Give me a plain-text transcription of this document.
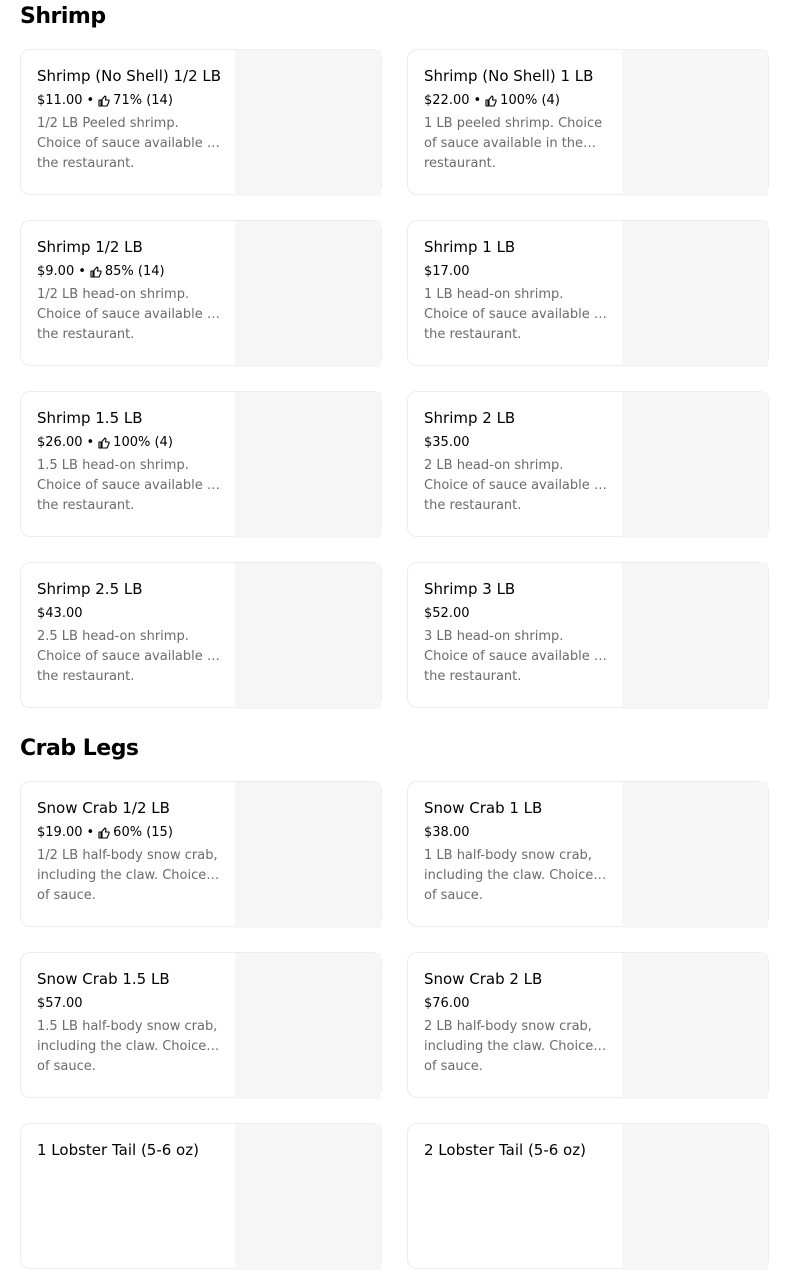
Shrimp
Shrimp (No Shell) 1/2 LB
$11.00 • 71% (14)
1/2 LB Peeled shrimp. Choice of sauce available in the restaurant.
Shrimp (No Shell) 1 LB
$22.00 • 100% (4)
1 LB peeled shrimp. Choice of sauce available in the restaurant.
Shrimp 1/2 LB
$9.00 • 85% (14)
1/2 LB head-on shrimp. Choice of sauce available in the restaurant.
Shrimp 1 LB
$17.00
1 LB head-on shrimp. Choice of sauce available in the restaurant.
Shrimp 1.5 LB
$26.00 • 100% (4)
1.5 LB head-on shrimp. Choice of sauce available in the restaurant.
Shrimp 2 LB
$35.00
2 LB head-on shrimp. Choice of sauce available in the restaurant.
Shrimp 2.5 LB
$43.00
2.5 LB head-on shrimp. Choice of sauce available in the restaurant.
Shrimp 3 LB
$52.00
3 LB head-on shrimp. Choice of sauce available in the restaurant.
Crab Legs
Snow Crab 1/2 LB
$19.00 • 60% (15)
1/2 LB half-body snow crab, including the claw. Choice of sauce.
Snow Crab 1 LB
$38.00
1 LB half-body snow crab, including the claw. Choice of sauce.
Snow Crab 1.5 LB
$57.00
1.5 LB half-body snow crab, including the claw. Choice of sauce.
Snow Crab 2 LB
$76.00
2 LB half-body snow crab, including the claw. Choice of sauce.
1 Lobster Tail (5-6 oz)	2 Lobster Tail (5-6 oz)
